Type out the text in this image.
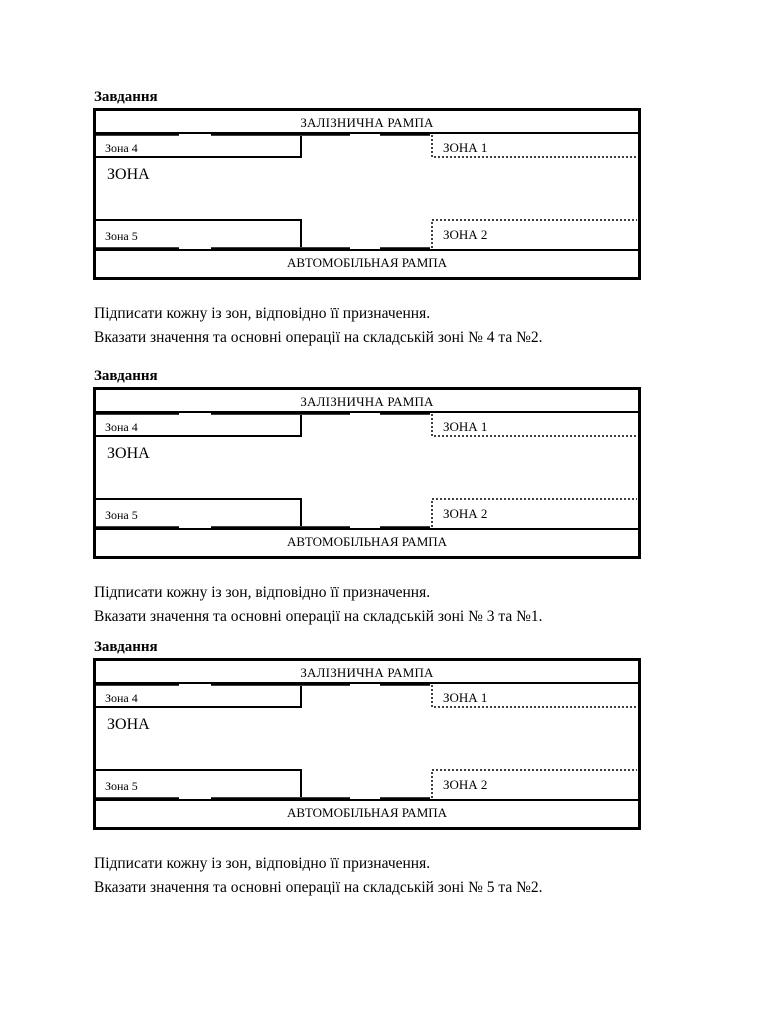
Завдання
ЗАЛІЗНИЧНА РАМПА
Зона 4	ЗОНА 1
ЗОНА
Зона 5	ЗОНА 2
АВТОМОБІЛЬНАЯ РАМПА
Підписати кожну із зон, відповідно її призначення.
Вказати значення та основні операції на складській зоні № 4 та №2.
Завдання
ЗАЛІЗНИЧНА РАМПА
Зона 4	ЗОНА 1
ЗОНА
Зона 5	ЗОНА 2
АВТОМОБІЛЬНАЯ РАМПА
Підписати кожну із зон, відповідно її призначення.
Вказати значення та основні операції на складській зоні № 3 та №1.
Завдання
ЗАЛІЗНИЧНА РАМПА
Зона 4	ЗОНА 1
ЗОНА
Зона 5	ЗОНА 2
АВТОМОБІЛЬНАЯ РАМПА
Підписати кожну із зон, відповідно її призначення.
Вказати значення та основні операції на складській зоні № 5 та №2.
